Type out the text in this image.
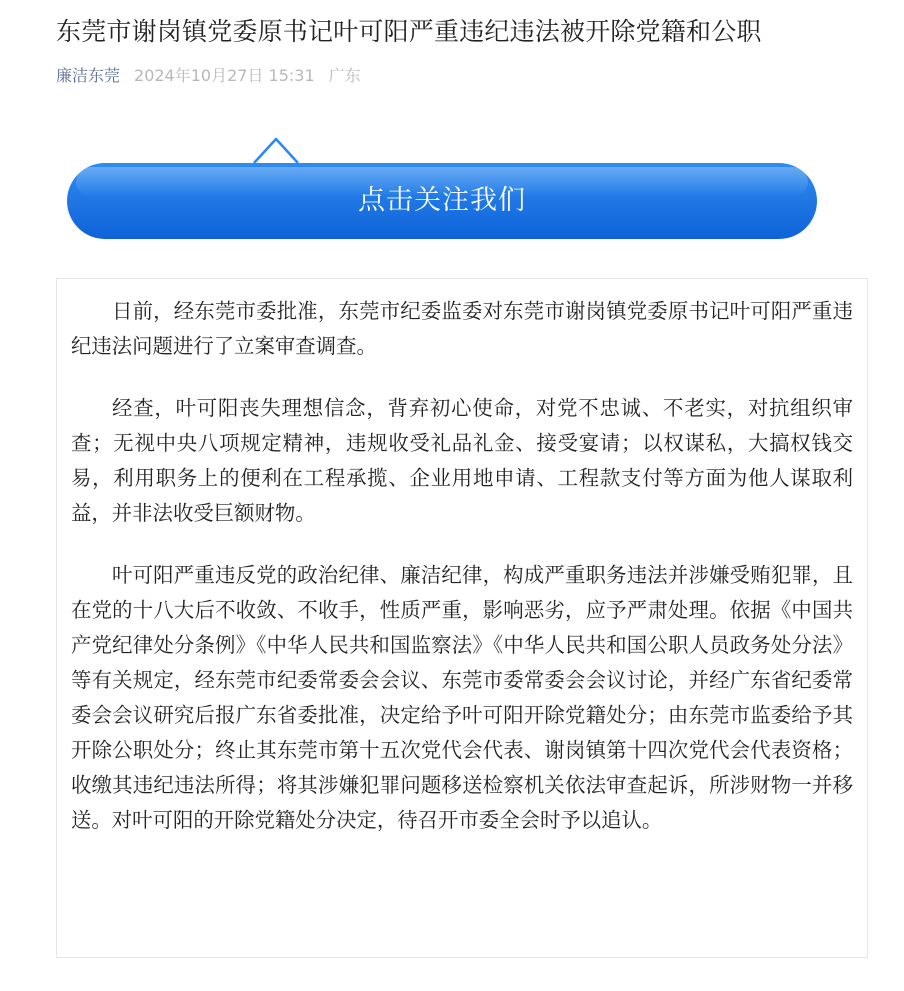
东莞市谢岗镇党委原书记叶可阳严重违纪违法被开除党籍和公职
廉洁东莞 2024年10月27日 15:31 广东
点击关注我们

日前，经东莞市委批准，东莞市纪委监委对东莞市谢岗镇党委原书记叶可阳严重违纪违法问题进行了立案审查调查。

经查，叶可阳丧失理想信念，背弃初心使命，对党不忠诚、不老实，对抗组织审查；无视中央八项规定精神，违规收受礼品礼金、接受宴请；以权谋私，大搞权钱交易，利用职务上的便利在工程承揽、企业用地申请、工程款支付等方面为他人谋取利益，并非法收受巨额财物。

叶可阳严重违反党的政治纪律、廉洁纪律，构成严重职务违法并涉嫌受贿犯罪，且在党的十八大后不收敛、不收手，性质严重，影响恶劣，应予严肃处理。依据《中国共产党纪律处分条例》《中华人民共和国监察法》《中华人民共和国公职人员政务处分法》等有关规定，经东莞市纪委常委会会议、东莞市委常委会会议讨论，并经广东省纪委常委会会议研究后报广东省委批准，决定给予叶可阳开除党籍处分；由东莞市监委给予其开除公职处分；终止其东莞市第十五次党代会代表、谢岗镇第十四次党代会代表资格；收缴其违纪违法所得；将其涉嫌犯罪问题移送检察机关依法审查起诉，所涉财物一并移送。对叶可阳的开除党籍处分决定，待召开市委全会时予以追认。
